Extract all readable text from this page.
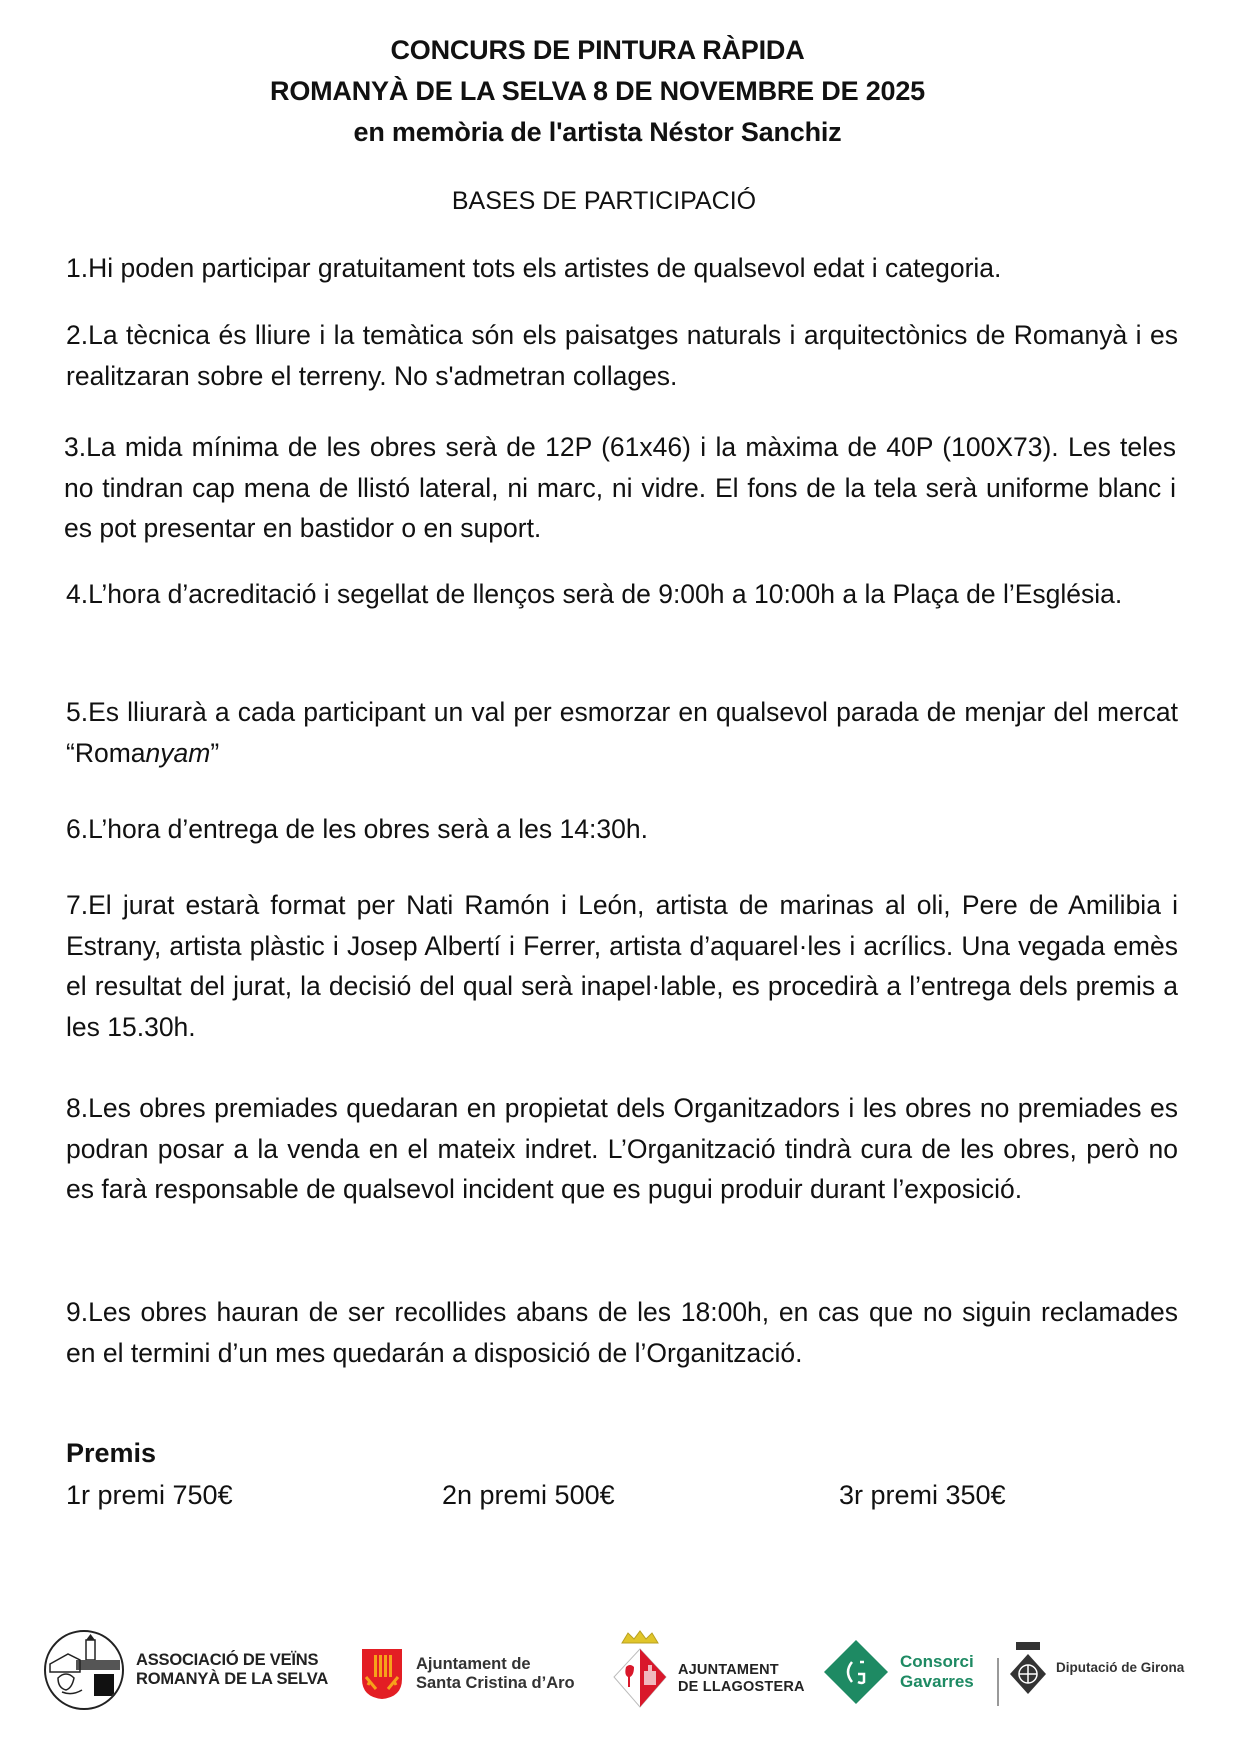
CONCURS DE PINTURA RÀPIDA
ROMANYÀ DE LA SELVA 8 DE NOVEMBRE DE 2025
en memòria de l'artista Néstor Sanchiz
BASES DE PARTICIPACIÓ
1.Hi poden participar gratuitament tots els artistes de qualsevol edat i categoria.
2.La tècnica és lliure i la temàtica són els paisatges naturals i arquitectònics de Romanyà i es realitzaran sobre el terreny. No s'admetran collages.
3.La mida mínima de les obres serà de 12P (61x46) i la màxima de 40P (100X73). Les teles no tindran cap mena de llistó lateral, ni marc, ni vidre. El fons de la tela serà uniforme blanc i es pot presentar en bastidor o en suport.
4.L’hora d’acreditació i segellat de llenços serà de 9:00h a 10:00h a la Plaça de l’Església.
5.Es lliurarà a cada participant un val per esmorzar en qualsevol parada de menjar del mercat “Romanyam”
6.L’hora d’entrega de les obres serà a les 14:30h.
7.El jurat estarà format per Nati Ramón i León, artista de marinas al oli, Pere de Amilibia i Estrany, artista plàstic i Josep Albertí i Ferrer, artista d’aquarel·les i acrílics. Una vegada emès el resultat del jurat, la decisió del qual serà inapel·lable, es procedirà a l’entrega dels premis a les 15.30h.
8.Les obres premiades quedaran en propietat dels Organitzadors i les obres no premiades es podran posar a la venda en el mateix indret. L’Organització tindrà cura de les obres, però no es farà responsable de qualsevol incident que es pugui produir durant l’exposició.
9.Les obres hauran de ser recollides abans de les 18:00h, en cas que no siguin reclamades en el termini d’un mes quedarán a disposició de l’Organització.
Premis
1r premi 750€	2n premi 500€	3r premi 350€
ASSOCIACIÓ DE VEÏNS
ROMANYÀ DE LA SELVA
Ajuntament de
Santa Cristina d’Aro
AJUNTAMENT
DE LLAGOSTERA
Consorci
Gavarres
Diputació de Girona
